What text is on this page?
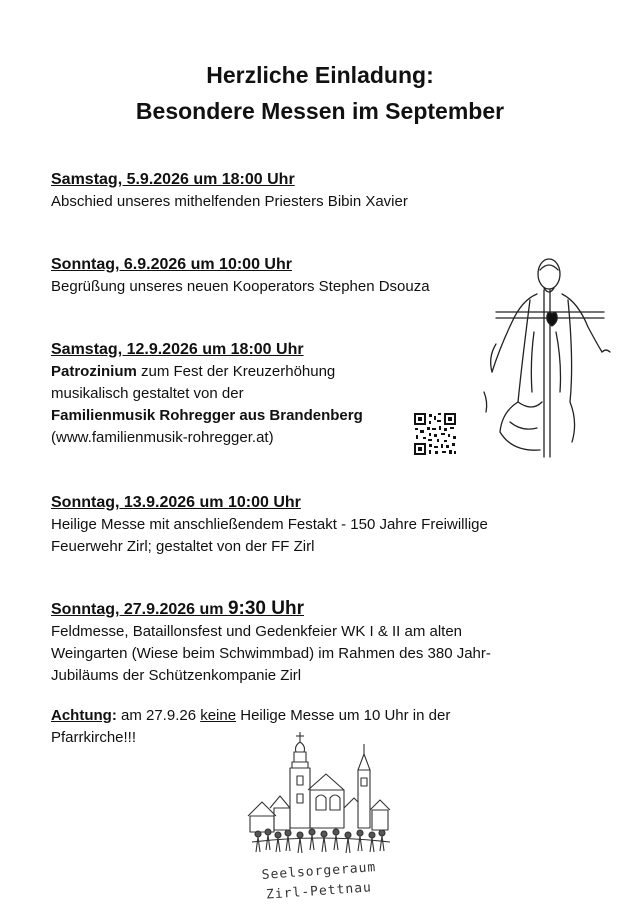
Herzliche Einladung:
Besondere Messen im September
Samstag, 5.9.2026 um 18:00 Uhr
Abschied unseres mithelfenden Priesters Bibin Xavier
Sonntag, 6.9.2026 um 10:00 Uhr
Begrüßung unseres neuen Kooperators Stephen Dsouza
Samstag, 12.9.2026 um 18:00 Uhr
Patrozinium zum Fest der Kreuzerhöhung
musikalisch gestaltet von der
Familienmusik Rohregger aus Brandenberg
(www.familienmusik-rohregger.at)
Sonntag, 13.9.2026 um 10:00 Uhr
Heilige Messe mit anschließendem Festakt - 150 Jahre Freiwillige
Feuerwehr Zirl; gestaltet von der FF Zirl
Sonntag, 27.9.2026 um 9:30 Uhr
Feldmesse, Bataillonsfest und Gedenkfeier WK I & II am alten
Weingarten (Wiese beim Schwimmbad) im Rahmen des 380 Jahr-
Jubiläums der Schützenkompanie Zirl
Achtung: am 27.9.26 keine Heilige Messe um 10 Uhr in der
Pfarrkirche!!!
Seelsorgeraum
Zirl-Pettnau
